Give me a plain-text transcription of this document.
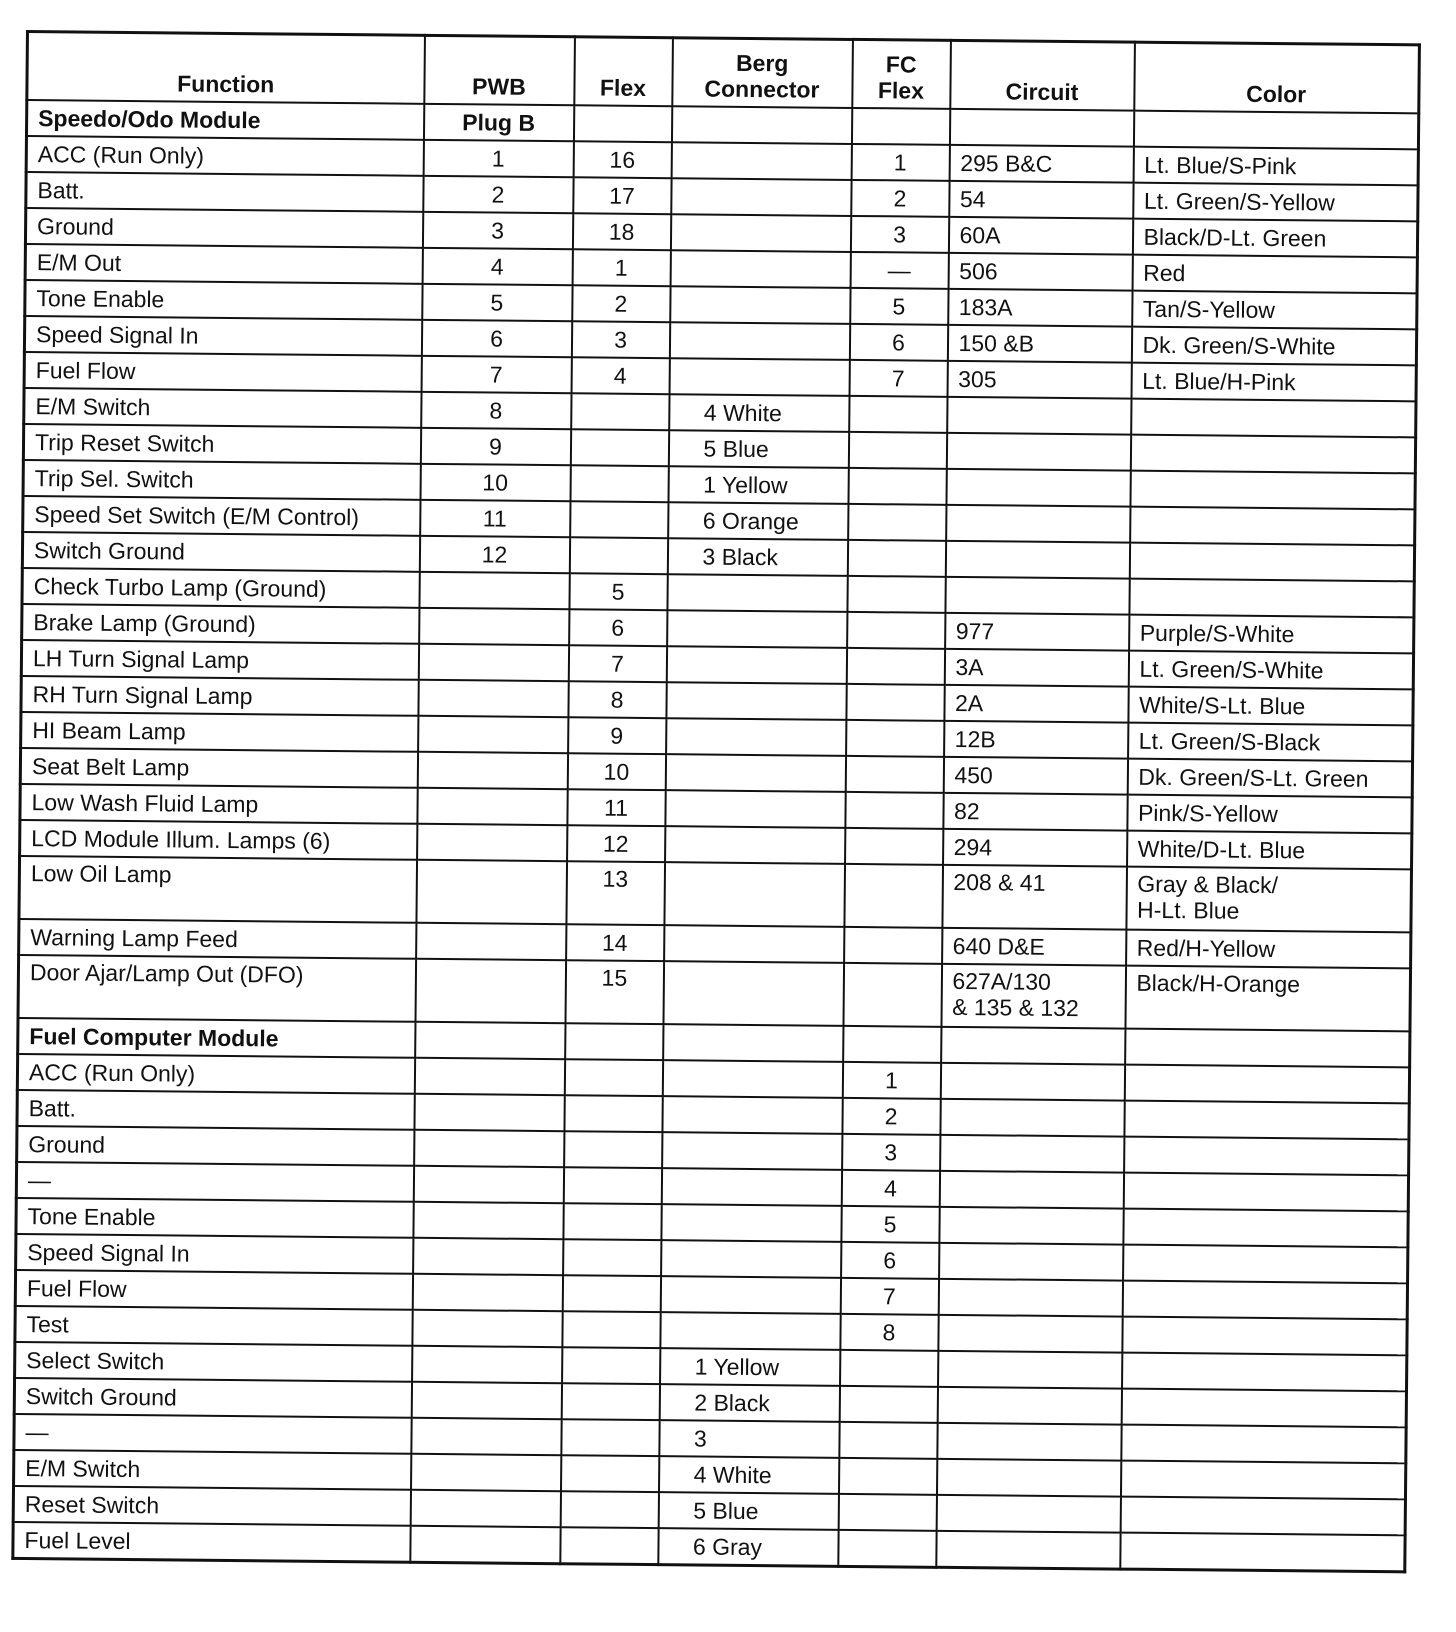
Function	PWB	Flex	Berg
Connector	FC
Flex	Circuit	Color
Speedo/Odo Module	Plug B					
ACC (Run Only)	1	16		1	295 B&C	Lt. Blue/S-Pink
Batt.	2	17		2	54	Lt. Green/S-Yellow
Ground	3	18		3	60A	Black/D-Lt. Green
E/M Out	4	1		—	506	Red
Tone Enable	5	2		5	183A	Tan/S-Yellow
Speed Signal In	6	3		6	150 &B	Dk. Green/S-White
Fuel Flow	7	4		7	305	Lt. Blue/H-Pink
E/M Switch	8		4 White			
Trip Reset Switch	9		5 Blue			
Trip Sel. Switch	10		1 Yellow			
Speed Set Switch (E/M Control)	11		6 Orange			
Switch Ground	12		3 Black			
Check Turbo Lamp (Ground)		5				
Brake Lamp (Ground)		6			977	Purple/S-White
LH Turn Signal Lamp		7			3A	Lt. Green/S-White
RH Turn Signal Lamp		8			2A	White/S-Lt. Blue
HI Beam Lamp		9			12B	Lt. Green/S-Black
Seat Belt Lamp		10			450	Dk. Green/S-Lt. Green
Low Wash Fluid Lamp		11			82	Pink/S-Yellow
LCD Module Illum. Lamps (6)		12			294	White/D-Lt. Blue
Low Oil Lamp		13			208 & 41	Gray & Black/
H-Lt. Blue
Warning Lamp Feed		14			640 D&E	Red/H-Yellow
Door Ajar/Lamp Out (DFO)		15			627A/130
& 135 & 132	Black/H-Orange
Fuel Computer Module						
ACC (Run Only)				1		
Batt.				2		
Ground				3		
—				4		
Tone Enable				5		
Speed Signal In				6		
Fuel Flow				7		
Test				8		
Select Switch			1 Yellow			
Switch Ground			2 Black			
—			3			
E/M Switch			4 White			
Reset Switch			5 Blue			
Fuel Level			6 Gray			
